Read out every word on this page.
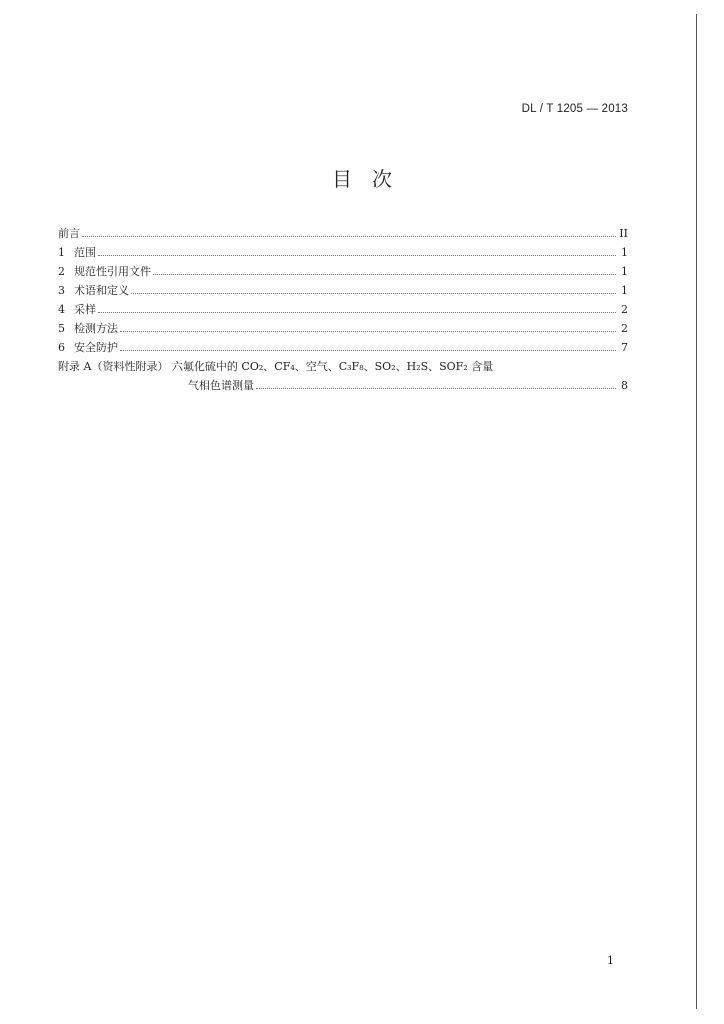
DL / T 1205 — 2013
目　次
前言	II
1 范围	1
2 规范性引用文件	1
3 术语和定义	1
4 采样	2
5 检测方法	2
6 安全防护	7
附录 A（资料性附录） 六氟化硫中的 CO₂、CF₄、空气、C₃F₈、SO₂、H₂S、SOF₂ 含量
气相色谱测量	8
1
